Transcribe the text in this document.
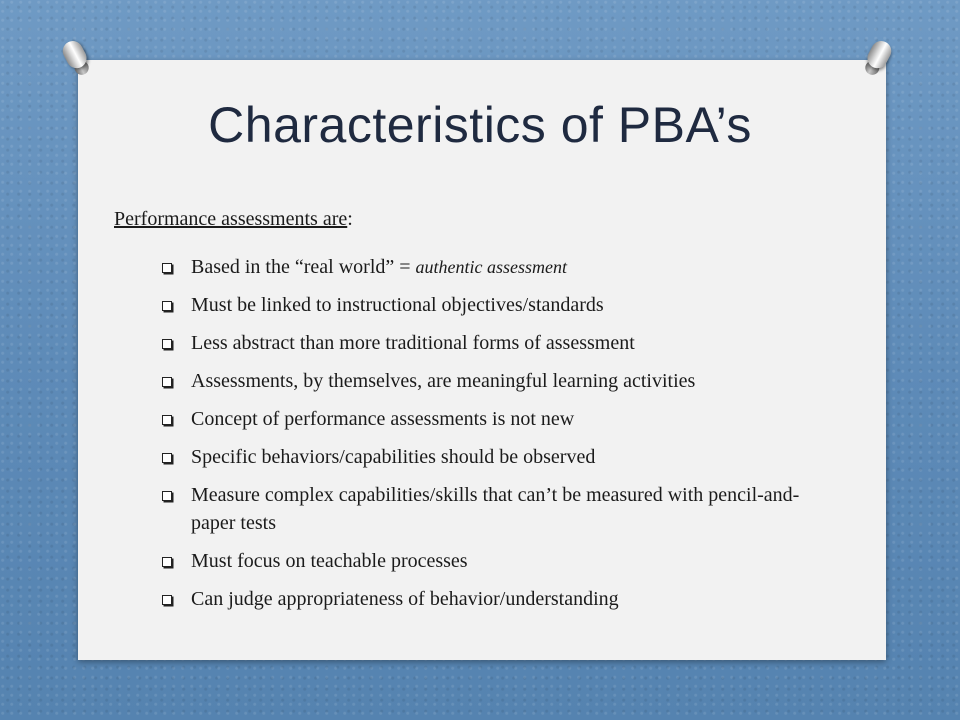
Characteristics of PBA’s
Performance assessments are:
Based in the “real world” = authentic assessment
Must be linked to instructional objectives/standards
Less abstract than more traditional forms of assessment
Assessments, by themselves, are meaningful learning activities
Concept of performance assessments is not new
Specific behaviors/capabilities should be observed
Measure complex capabilities/skills that can’t be measured with pencil-and-paper tests
Must focus on teachable processes
Can judge appropriateness of behavior/understanding
